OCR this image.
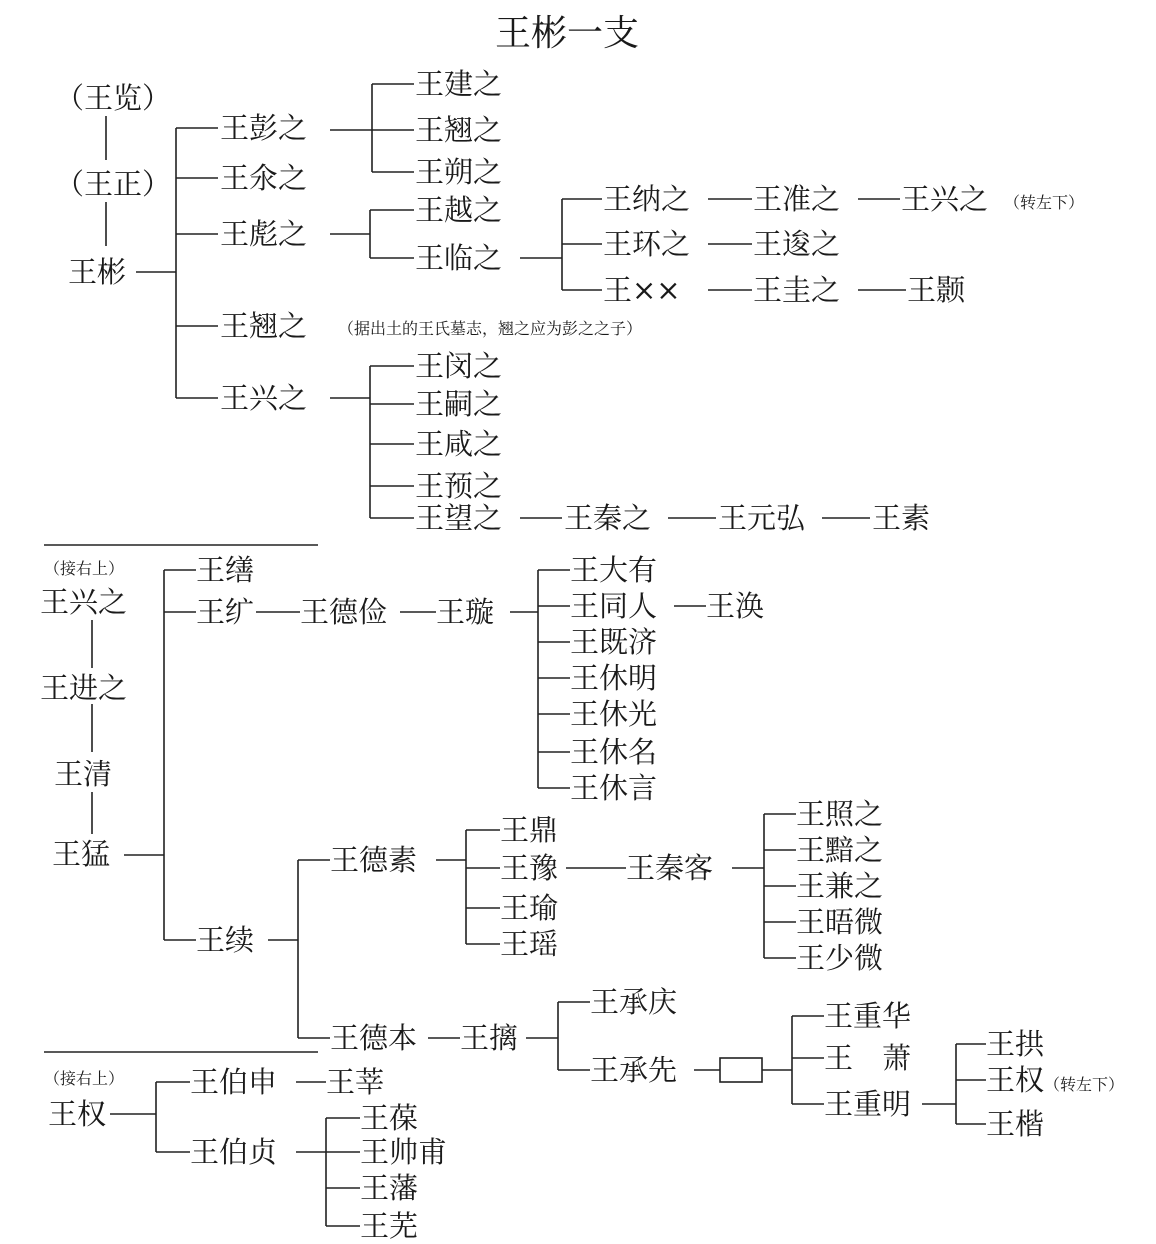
王彬一支
（王览）
（王正）
王彬
王彭之
王氽之
王彪之
王翘之 （据出土的王氏墓志，翘之应为彭之之子）
王兴之
王建之
王翘之
王朔之
王越之
王临之
王纳之 王准之 王兴之 （转左下）
王环之 王逡之
王×× 王圭之 王颢
王闵之
王嗣之
王咸之
王预之
王望之 王秦之 王元弘 王素
（接右上）
王兴之
王进之
王清
王猛
王缮
王纩
王续
王德俭 王璇
王大有
王同人
王既济
王休明
王休光
王休名
王休言
王涣
王德素
王德本
王鼎
王豫
王瑜
王瑶
王秦客
王照之
王黯之
王兼之
王晤微
王少微
王摛
王承庆
王承先
王重华
王　萧
王重明
王拱
王权 （转左下）
王楷
（接右上）
王权
王伯申
王伯贞
王莘
王葆
王帅甫
王藩
王芜
